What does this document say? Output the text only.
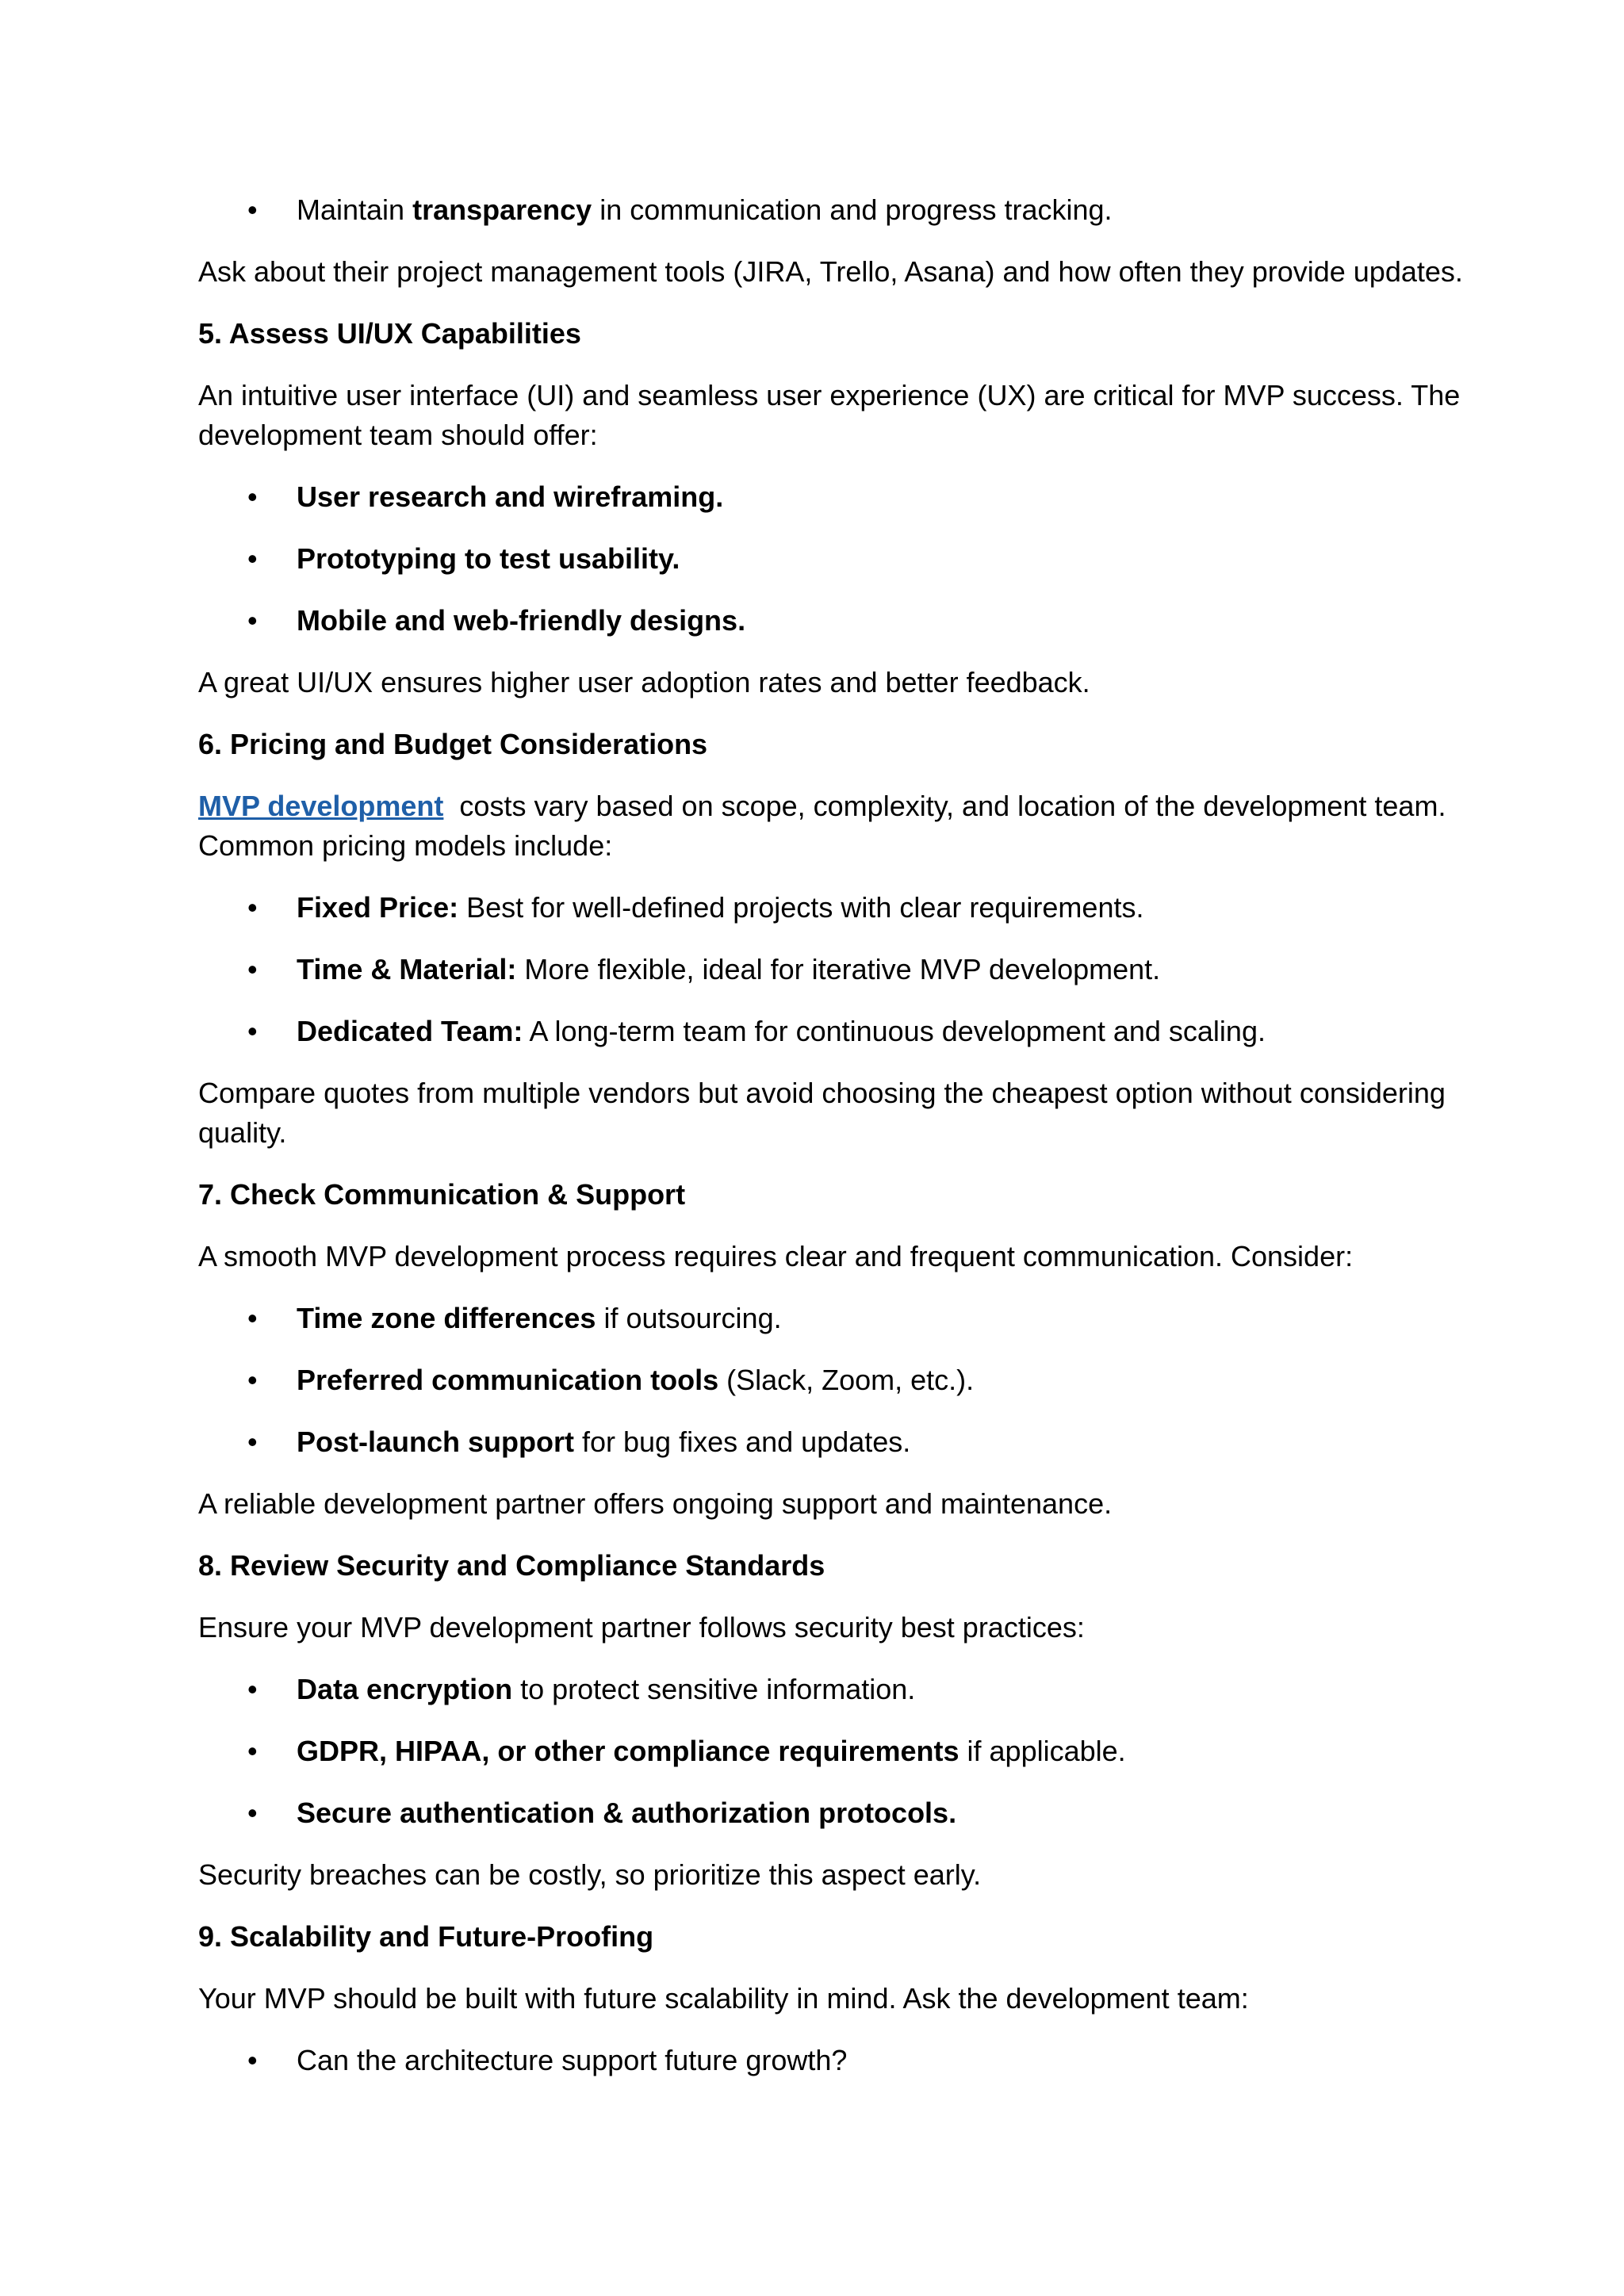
• Maintain transparency in communication and progress tracking.

Ask about their project management tools (JIRA, Trello, Asana) and how often they provide updates.

5. Assess UI/UX Capabilities

An intuitive user interface (UI) and seamless user experience (UX) are critical for MVP success. The
development team should offer:

• User research and wireframing.
• Prototyping to test usability.
• Mobile and web-friendly designs.

A great UI/UX ensures higher user adoption rates and better feedback.

6. Pricing and Budget Considerations

MVP development  costs vary based on scope, complexity, and location of the development team.
Common pricing models include:

• Fixed Price: Best for well-defined projects with clear requirements.
• Time & Material: More flexible, ideal for iterative MVP development.
• Dedicated Team: A long-term team for continuous development and scaling.

Compare quotes from multiple vendors but avoid choosing the cheapest option without considering
quality.

7. Check Communication & Support

A smooth MVP development process requires clear and frequent communication. Consider:

• Time zone differences if outsourcing.
• Preferred communication tools (Slack, Zoom, etc.).
• Post-launch support for bug fixes and updates.

A reliable development partner offers ongoing support and maintenance.

8. Review Security and Compliance Standards

Ensure your MVP development partner follows security best practices:

• Data encryption to protect sensitive information.
• GDPR, HIPAA, or other compliance requirements if applicable.
• Secure authentication & authorization protocols.

Security breaches can be costly, so prioritize this aspect early.

9. Scalability and Future-Proofing

Your MVP should be built with future scalability in mind. Ask the development team:

• Can the architecture support future growth?
